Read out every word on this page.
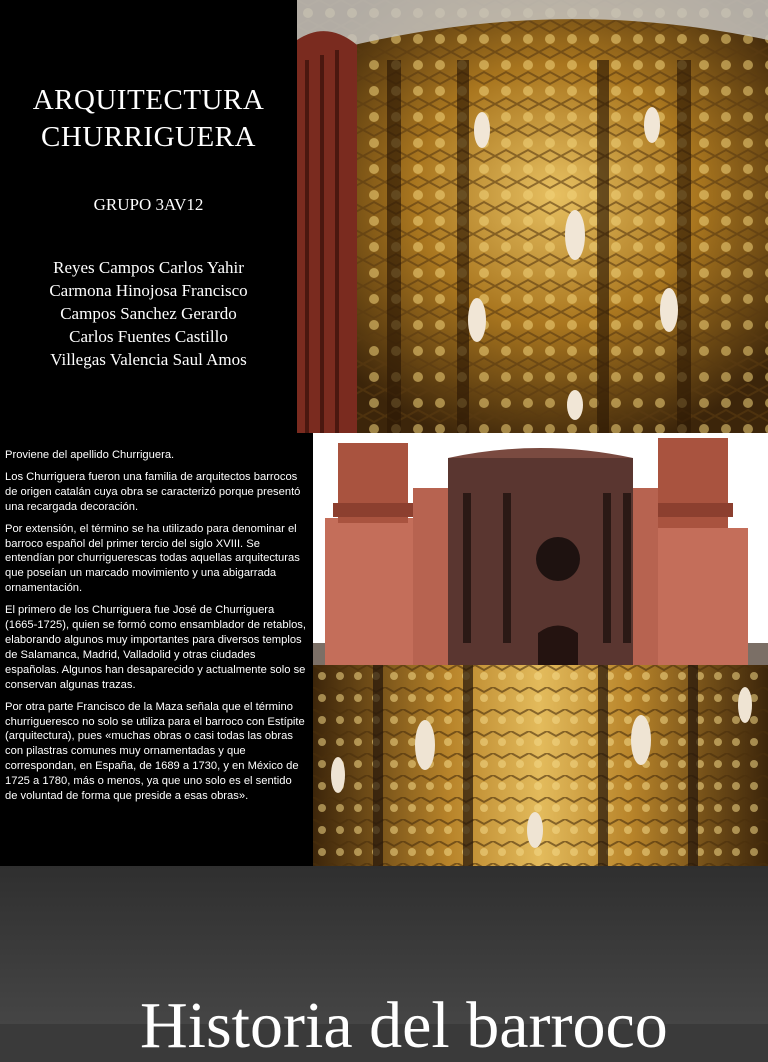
ARQUITECTURA
CHURRIGUERA
GRUPO 3AV12
Reyes Campos Carlos Yahir
Carmona Hinojosa Francisco
Campos Sanchez Gerardo
Carlos Fuentes Castillo
Villegas Valencia Saul Amos

Proviene del apellido Churriguera.

Los Churriguera fueron una familia de arquitectos barrocos de origen catalán cuya obra se caracterizó porque presentó una recargada decoración.

Por extensión, el término se ha utilizado para denominar el barroco español del primer tercio del siglo XVIII. Se entendían por churriguerescas todas aquellas arquitecturas que poseían un marcado movimiento y una abigarrada ornamentación.

El primero de los Churriguera fue José de Churriguera (1665-1725), quien se formó como ensamblador de retablos, elaborando algunos muy importantes para diversos templos de Salamanca, Madrid, Valladolid y otras ciudades españolas. Algunos han desaparecido y actualmente solo se conservan algunas trazas.

Por otra parte Francisco de la Maza señala que el término churrigueresco no solo se utiliza para el barroco con Estípite (arquitectura), pues «muchas obras o casi todas las obras con pilastras comunes muy ornamentadas y que correspondan, en España, de 1689 a 1730, y en México de 1725 a 1780, más o menos, ya que uno solo es el sentido de voluntad de forma que preside a esas obras».

Historia del barroco
